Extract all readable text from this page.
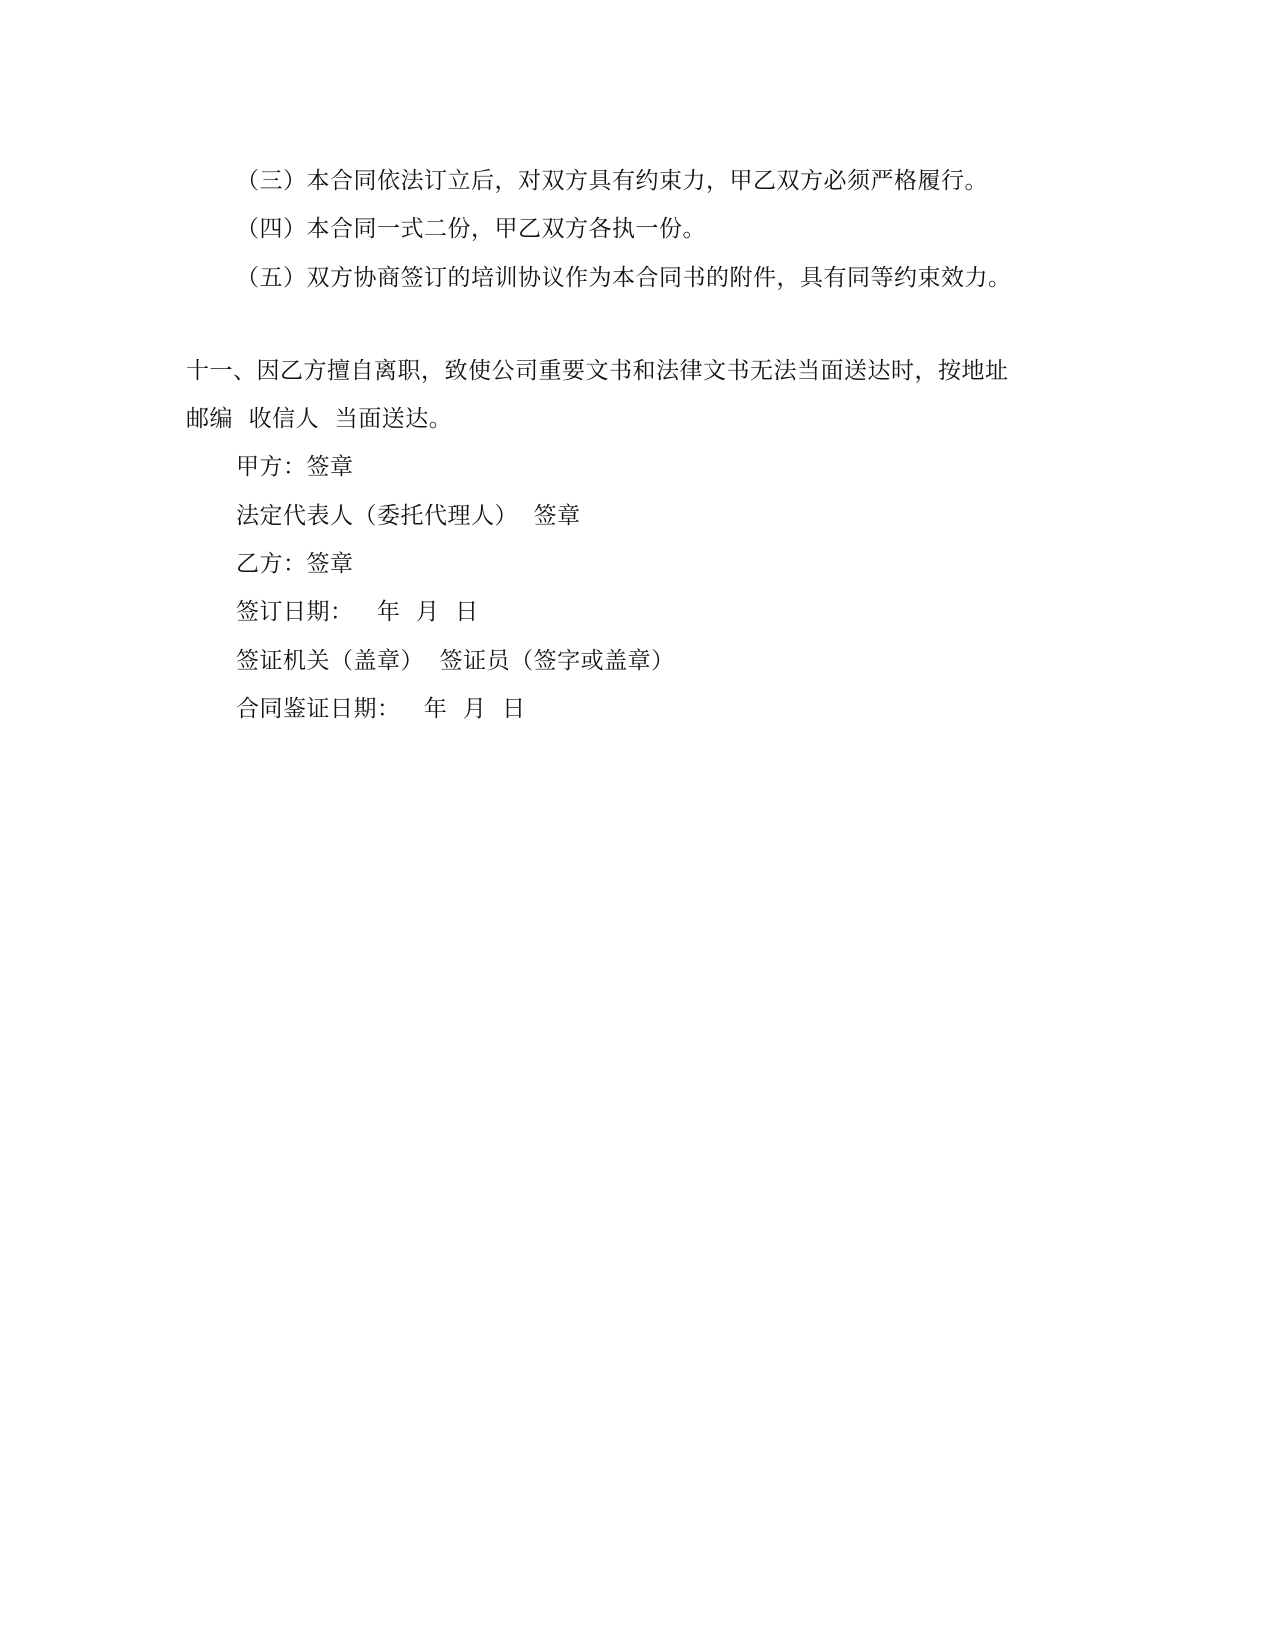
（三）本合同依法订立后，对双方具有约束力，甲乙双方必须严格履行。
（四）本合同一式二份，甲乙双方各执一份。
（五）双方协商签订的培训协议作为本合同书的附件，具有同等约束效力。
十一、因乙方擅自离职，致使公司重要文书和法律文书无法当面送达时，按地址
邮编  收信人  当面送达。
甲方：签章
法定代表人（委托代理人）  签章
乙方：签章
签订日期：   年  月  日
签证机关（盖章）  签证员（签字或盖章）
合同鉴证日期：   年  月  日
